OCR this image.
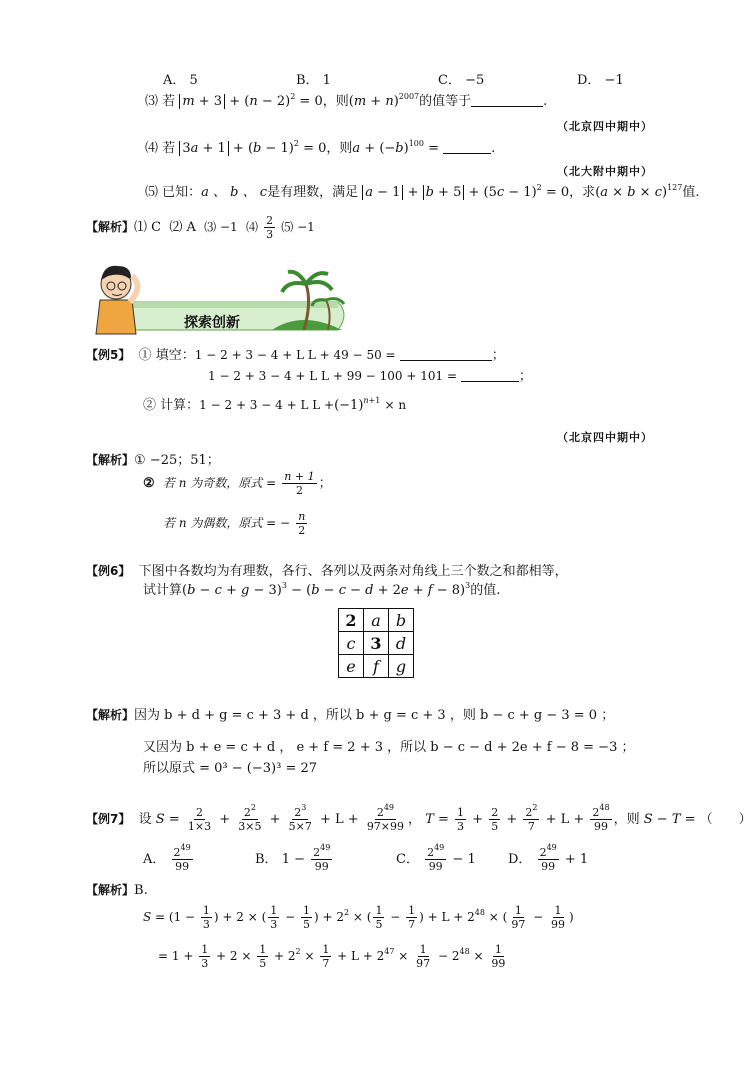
A． 5	B． 1	C． −5	D． −1
⑶ 若 $m + 3 + (n - 2)^2 = 0$，则$(m + n)^{2007}$的值等于	.
（北京四中期中）
⑷ 若 $3a + 1 + (b - 1)^2 = 0$，则$a + (-b)^{100}$ =	.
（北大附中期中）
⑸ 已知：a 、 b 、 c是有理数，满足 $a - 1 + b + 5 + (5c - 1)^2 = 0$，求$(a \times b \times c)^{127}$值.
【解析】⑴ C ⑵ A ⑶ −1 ⑷ $\frac{2}{3}$ ⑸ −1
探索创新
【例5】 ① 填空：1 − 2 + 3 − 4 + L L + 49 − 50 =	；
1 − 2 + 3 − 4 + L L + 99 − 100 + 101 =	；
② 计算：1 − 2 + 3 − 4 + L $L +(-1)^{n+1} \times n$
（北京四中期中）
【解析】① −25；51；
② 若 n 为奇数，原式 = $\frac{n + 1}{2}$ ；
若 n 为偶数，原式 = − $\frac{n}{2}$
【例6】 下图中各数均为有理数，各行、各列以及两条对角线上三个数之和都相等，
试计算$(b - c + g - 3)^3 - (b - c - d + 2e + f - 8)^3$的值.
2	a	b
c	3	d
e	f	g
【解析】因为 b + d + g = c + 3 + d ，所以 b + g = c + 3 ，则 b − c + g − 3 = 0 ；
又因为 b + e = c + d ， e + f = 2 + 3 ，所以 b − c − d + 2e + f − 8 = −3 ；
所以原式 = 0³ − (−3)³ = 27
【例7】 设 $S = \frac{2}{1\times 3} + \frac{2^2}{3\times 5} + \frac{2^3}{5\times 7} + L + \frac{2^{49}}{97\times 99}$ ， $T = \frac{1}{3} + \frac{2}{5} + \frac{2^2}{7} + L + \frac{2^{48}}{99}$ ，则 S − T = （　　）
A． $\frac{2^{49}}{99}$	B． $1 - \frac{2^{49}}{99}$	C． $\frac{2^{49}}{99} - 1$ D． $\frac{2^{49}}{99} + 1$
【解析】B.
$S = (1 - \frac{1}{3}$ ) + 2 × ( $\frac{1}{3} - \frac{1}{5}$ ) + $2^2$ × ( $\frac{1}{5} - \frac{1}{7}$ ) + $L + 2^{48}$ × ( $\frac{1}{97} - \frac{1}{99}$ )
= $1 + \frac{1}{3} + 2 \times \frac{1}{5} + 2^2 \times \frac{1}{7} + L + 2^{47} \times \frac{1}{97} - 2^{48} \times \frac{1}{99}$
